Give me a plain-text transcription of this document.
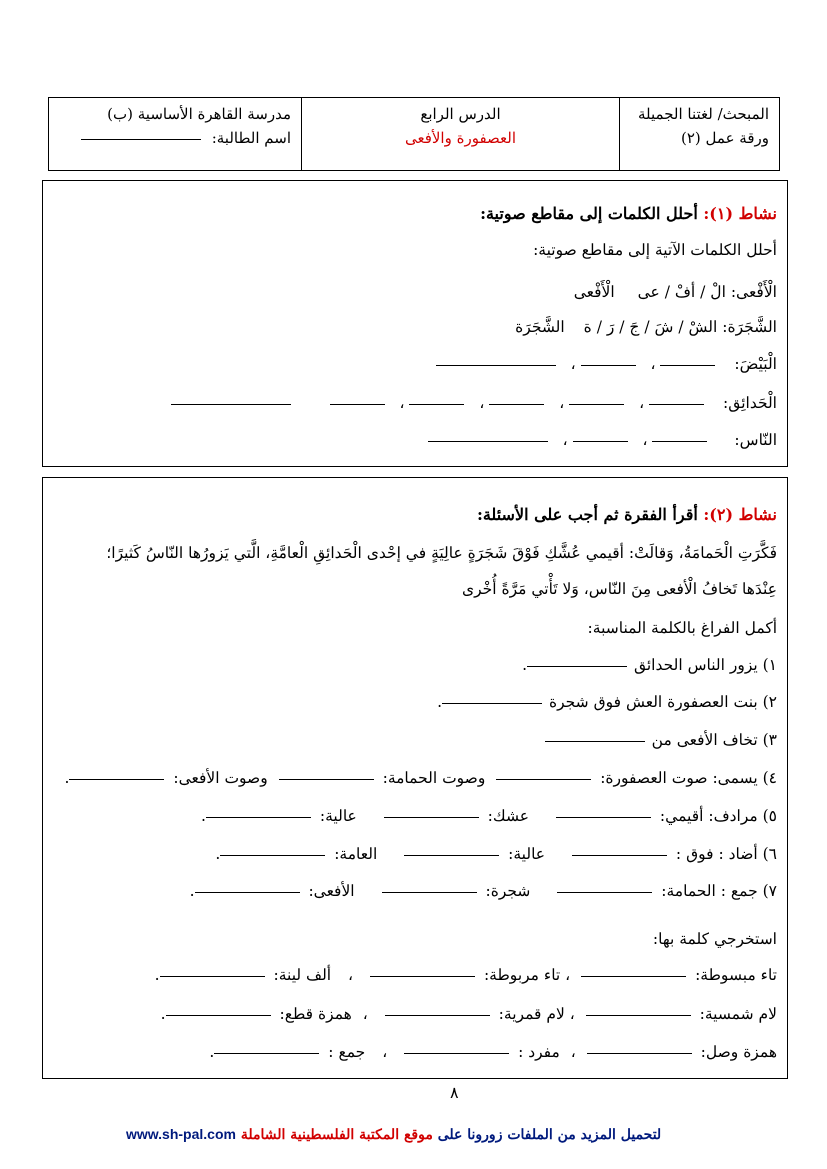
المبحث/ لغتنا الجميلة
ورقة عمل (٢)
الدرس الرابع
العصفورة والأفعى
مدرسة القاهرة الأساسية (ب)
اسم الطالبة:
نشاط (١): أحلل الكلمات إلى مقاطع صوتية:
أحلل الكلمات الآتية إلى مقاطع صوتية:
الْأَفْعى: الْ / أفْ / عى الْأَفْعى
الشَّجَرَة: الشْ / شَ / جَ / رَ / ة الشَّجَرَة
الْبَيْضَ:  ،  ،
الْحَدائِق:  ،  ،  ،  ،
النّاس:  ،  ،
نشاط (٢): أقرأ الفقرة ثم أجب على الأسئلة:
فَكَّرَتِ الْحَمامَةُ، وَقالَتْ: أقيمي عُشَّكِ فَوْقَ شَجَرَةٍ عالِيَةٍ في إحْدى الْحَدائِقِ الْعامَّةِ، الَّتي يَزورُها النّاسُ كَثيرًا؛
عِنْدَها تَخافُ الْأفعى مِنَ النّاس، وَلا تَأْتي مَرَّةً أُخْرى
أكمل الفراغ بالكلمة المناسبة:
١) يزور الناس الحدائق .
٢) بنت العصفورة العش فوق شجرة .
٣) تخاف الأفعى من
٤) يسمى: صوت العصفورة:  وصوت الحمامة:  وصوت الأفعى: .
٥) مرادف: أقيمي:  عشك:  عالية: .
٦) أضاد : فوق :  عالية:  العامة: .
٧) جمع : الحمامة:  شجرة:  الأفعى: .
استخرجي كلمة بها:
تاء مبسوطة:  ، تاء مربوطة:  ، ألف لينة: .
لام شمسية:  ، لام قمرية:  ، همزة قطع: .
همزة وصل:  ، مفرد :  ، جمع : .
٨
www.sh-pal.com موقع المكتبة الفلسطينية الشاملة لتحميل المزيد من الملفات زورونا على
